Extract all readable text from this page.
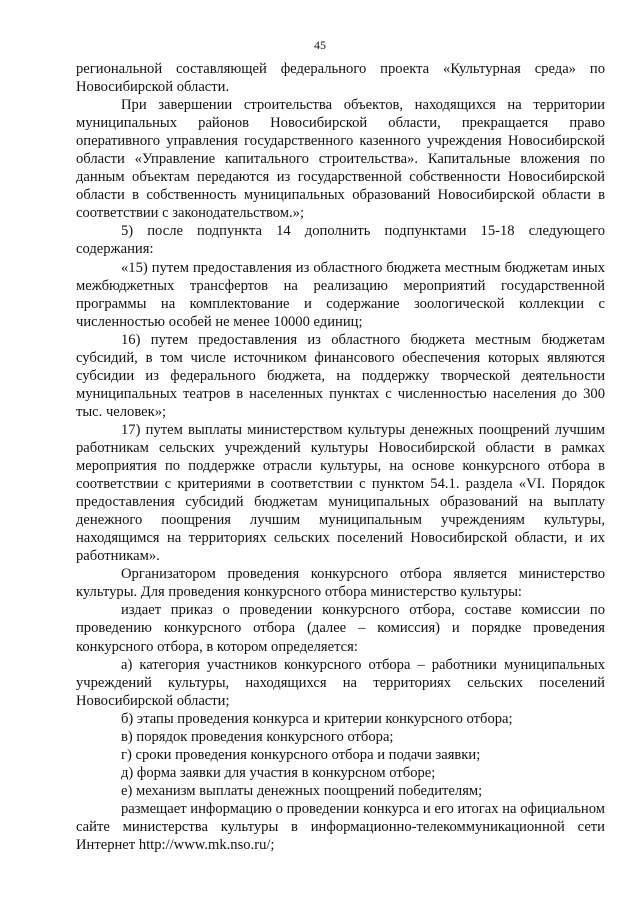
45

региональной составляющей федерального проекта «Культурная среда» по Новосибирской области.

При завершении строительства объектов, находящихся на территории муниципальных районов Новосибирской области, прекращается право оперативного управления государственного казенного учреждения Новосибирской области «Управление капитального строительства». Капитальные вложения по данным объектам передаются из государственной собственности Новосибирской области в собственность муниципальных образований Новосибирской области в соответствии с законодательством.»;

5) после подпункта 14 дополнить подпунктами 15-18 следующего содержания:

«15) путем предоставления из областного бюджета местным бюджетам иных межбюджетных трансфертов на реализацию мероприятий государственной программы на комплектование и содержание зоологической коллекции с численностью особей не менее 10000 единиц;

16) путем предоставления из областного бюджета местным бюджетам субсидий, в том числе источником финансового обеспечения которых являются субсидии из федерального бюджета, на поддержку творческой деятельности муниципальных театров в населенных пунктах с численностью населения до 300 тыс. человек»;

17) путем выплаты министерством культуры денежных поощрений лучшим работникам сельских учреждений культуры Новосибирской области в рамках мероприятия по поддержке отрасли культуры, на основе конкурсного отбора в соответствии с критериями в соответствии с пунктом 54.1. раздела «VI. Порядок предоставления субсидий бюджетам муниципальных образований на выплату денежного поощрения лучшим муниципальным учреждениям культуры, находящимся на территориях сельских поселений Новосибирской области, и их работникам».

Организатором проведения конкурсного отбора является министерство культуры. Для проведения конкурсного отбора министерство культуры:

издает приказ о проведении конкурсного отбора, составе комиссии по проведению конкурсного отбора (далее – комиссия) и порядке проведения конкурсного отбора, в котором определяется:

а) категория участников конкурсного отбора – работники муниципальных учреждений культуры, находящихся на территориях сельских поселений Новосибирской области;

б) этапы проведения конкурса и критерии конкурсного отбора;

в) порядок проведения конкурсного отбора;

г) сроки проведения конкурсного отбора и подачи заявки;

д) форма заявки для участия в конкурсном отборе;

е) механизм выплаты денежных поощрений победителям;

размещает информацию о проведении конкурса и его итогах на официальном сайте министерства культуры в информационно-телекоммуникационной сети Интернет http://www.mk.nso.ru/;
